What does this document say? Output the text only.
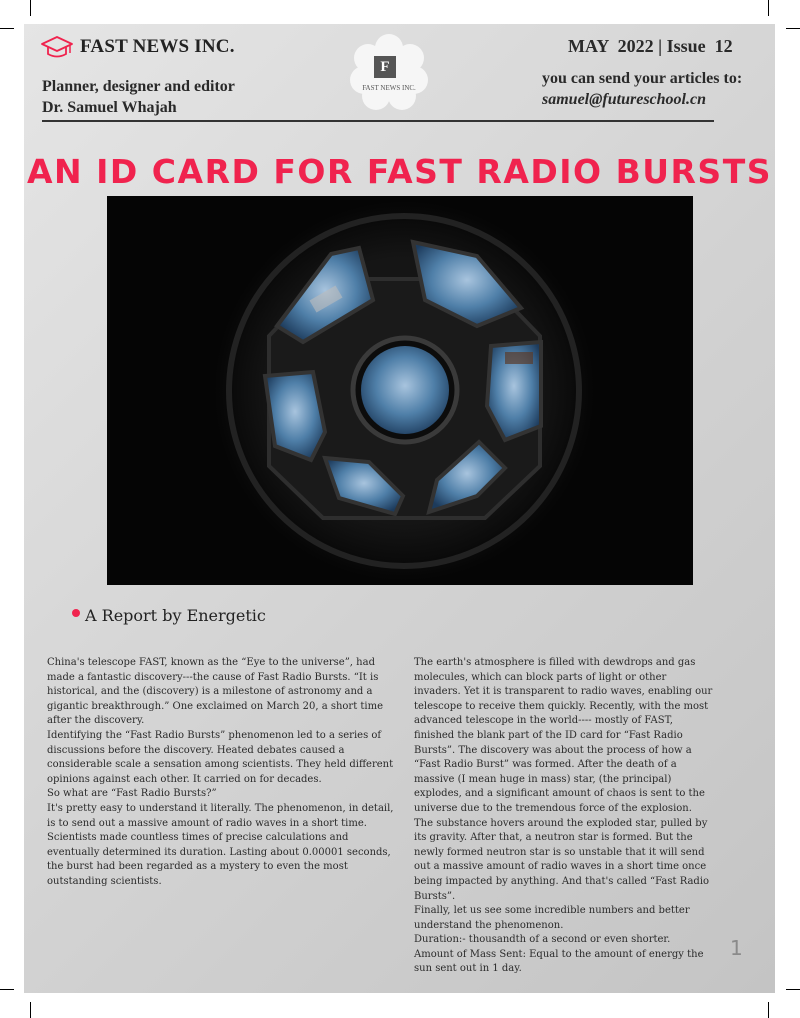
FAST NEWS INC.
Planner, designer and editor
Dr. Samuel Whajah
F
FAST NEWS INC.
MAY  2022 | Issue  12
you can send your articles to:
samuel@futureschool.cn
AN ID CARD FOR FAST RADIO BURSTS
A Report by Energetic

China's telescope FAST, known as the “Eye to the universe”, had made a fantastic discovery---the cause of Fast Radio Bursts. “It is historical, and the (discovery) is a milestone of astronomy and a gigantic breakthrough.” One exclaimed on March 20, a short time after the discovery.

Identifying the “Fast Radio Bursts” phenomenon led to a series of discussions before the discovery. Heated debates caused a considerable scale a sensation among scientists. They held different opinions against each other. It carried on for decades.

So what are “Fast Radio Bursts?”

It's pretty easy to understand it literally. The phenomenon, in detail, is to send out a massive amount of radio waves in a short time. Scientists made countless times of precise calculations and eventually determined its duration. Lasting about 0.00001 seconds, the burst had been regarded as a mystery to even the most outstanding scientists.

The earth's atmosphere is filled with dewdrops and gas molecules, which can block parts of light or other invaders. Yet it is transparent to radio waves, enabling our telescope to receive them quickly. Recently, with the most advanced telescope in the world---- mostly of FAST, finished the blank part of the ID card for “Fast Radio Bursts”. The discovery was about the process of how a “Fast Radio Burst” was formed. After the death of a massive (I mean huge in mass) star, (the principal) explodes, and a significant amount of chaos is sent to the universe due to the tremendous force of the explosion. The substance hovers around the exploded star, pulled by its gravity. After that, a neutron star is formed. But the newly formed neutron star is so unstable that it will send out a massive amount of radio waves in a short time once being impacted by anything. And that's called “Fast Radio Bursts”.

Finally, let us see some incredible numbers and better understand the phenomenon.

Duration:- thousandth of a second or even shorter.

Amount of Mass Sent: Equal to the amount of energy the sun sent out in 1 day.

1
